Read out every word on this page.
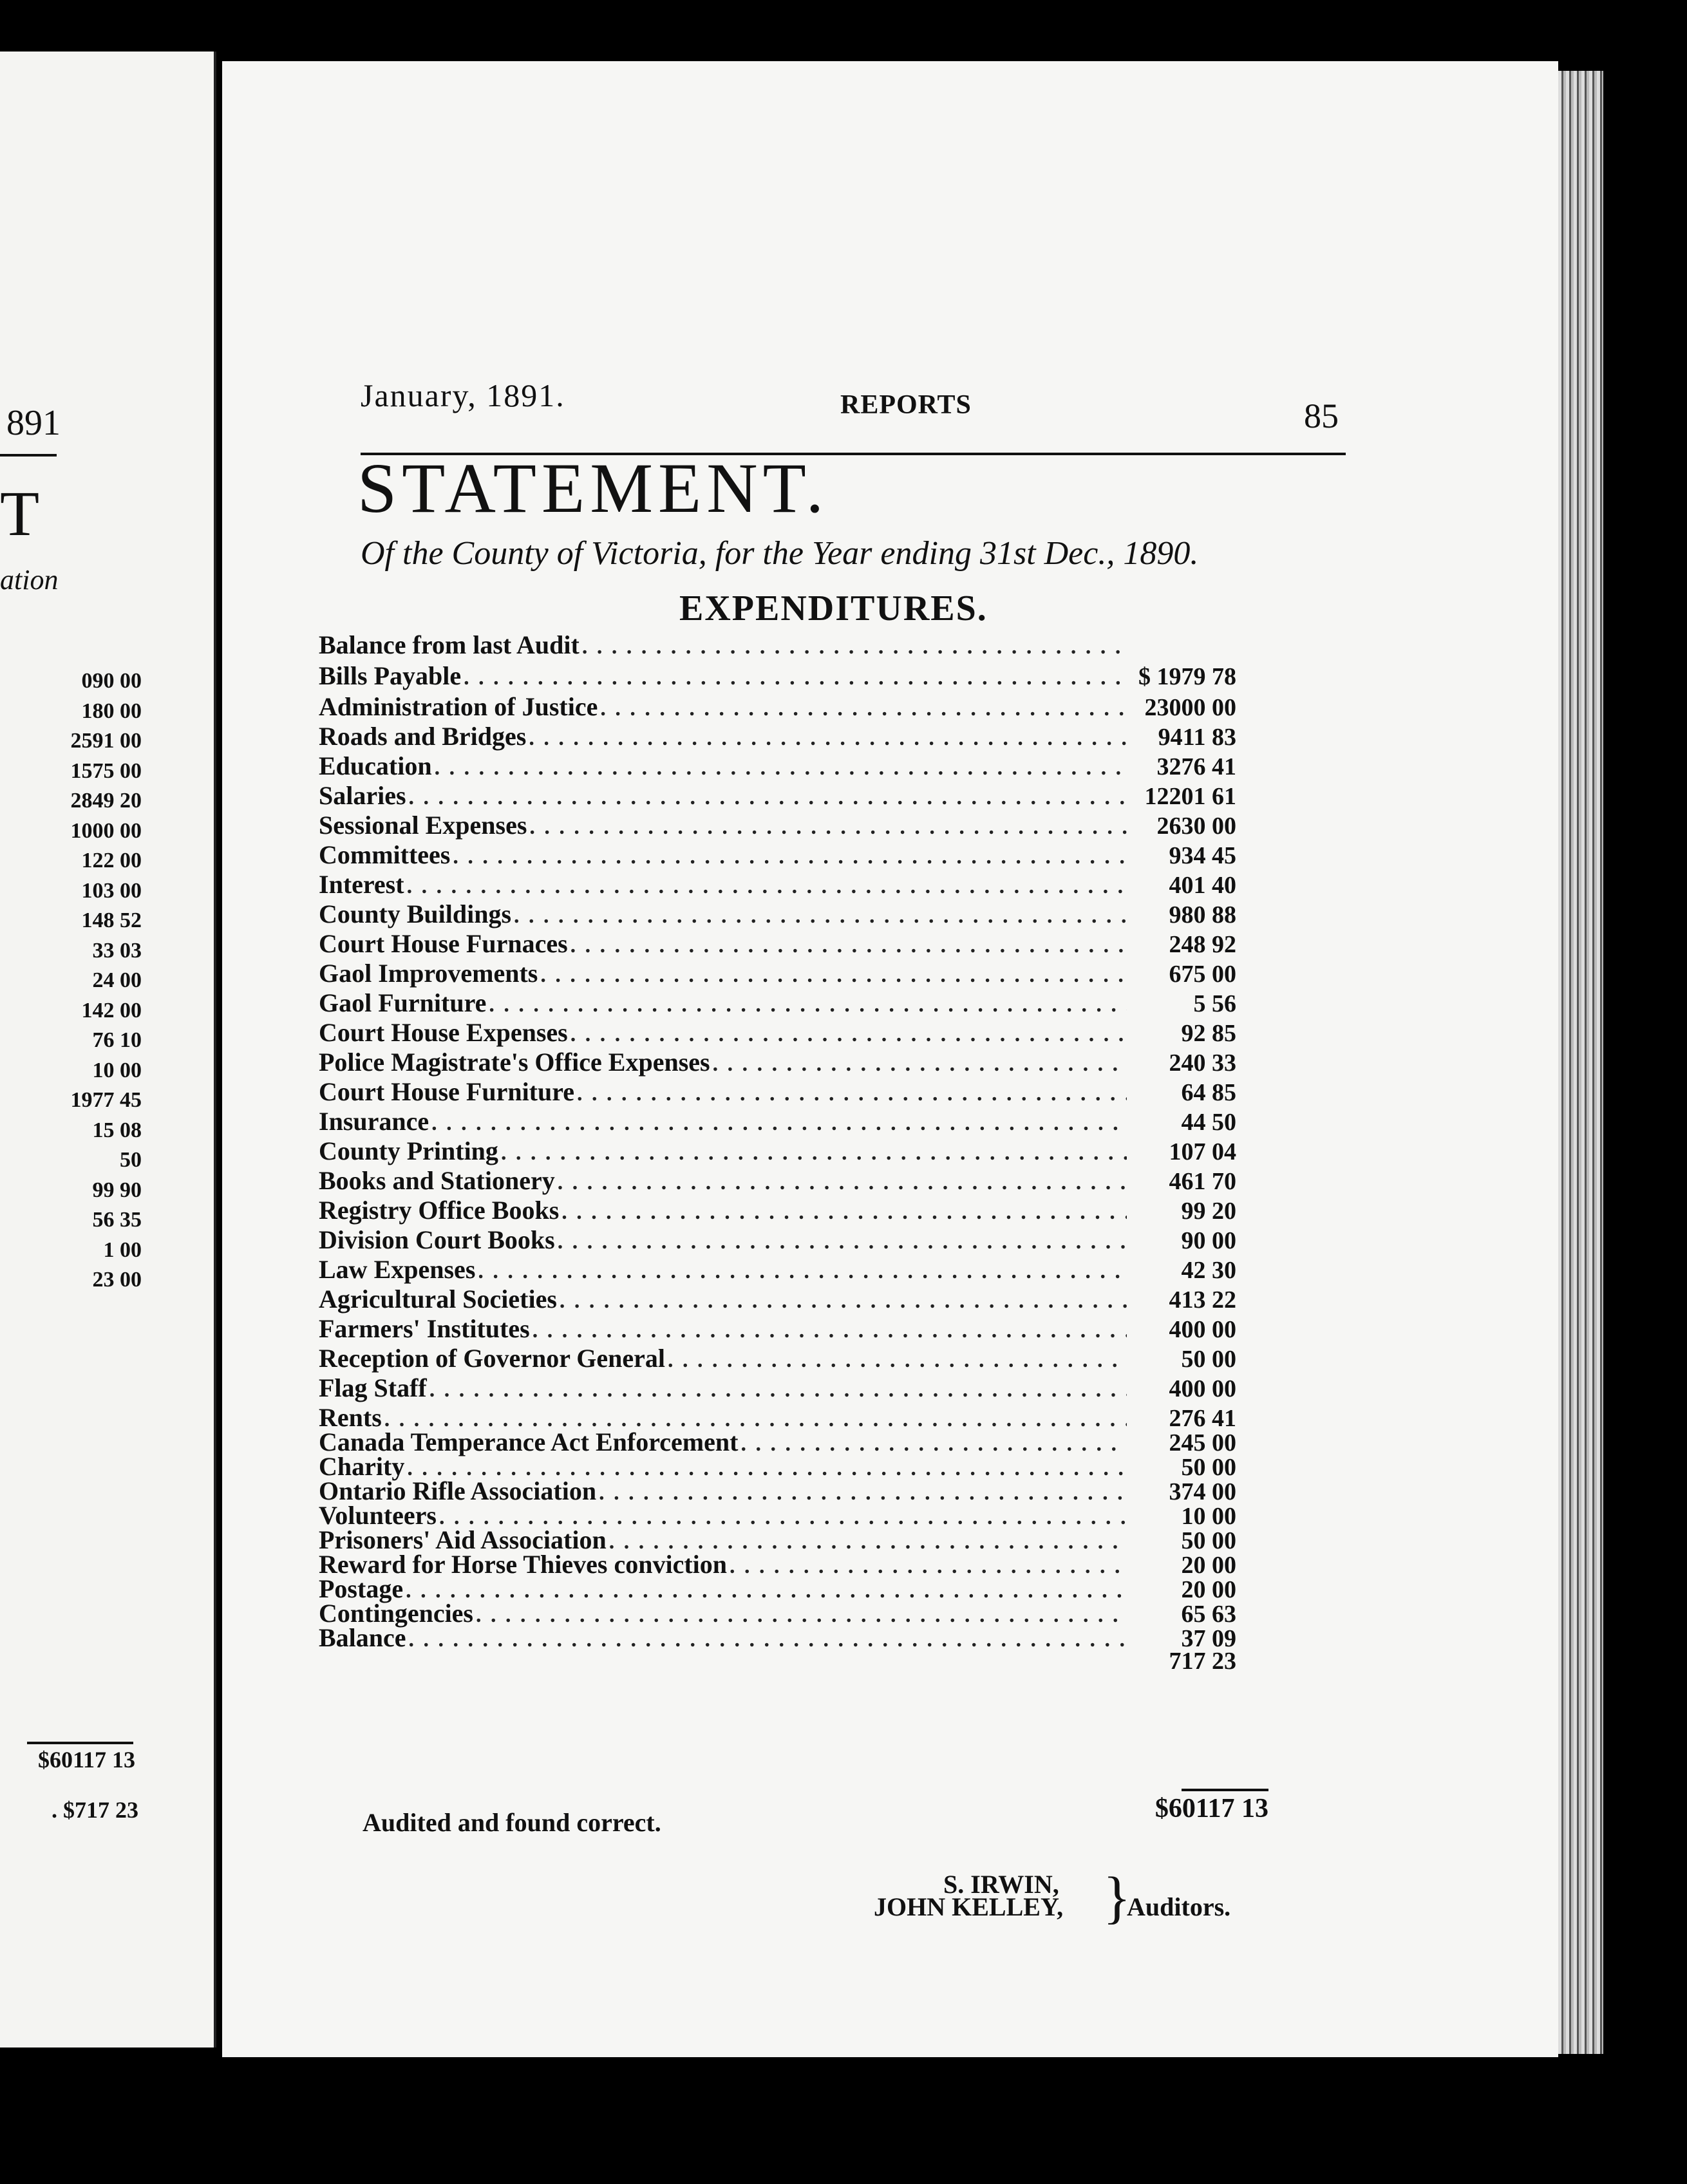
891
T
ation
090 00
180 00
2591 00
1575 00
2849 20
1000 00
122 00
103 00
148 52
33 03
24 00
142 00
76 10
10 00
1977 45
15 08
50
99 90
56 35
1 00
23 00
$60117 13
. $717 23
January, 1891.	REPORTS	85
STATEMENT.
Of the County of Victoria, for the Year ending 31st Dec., 1890.
EXPENDITURES.
Balance from last Audit
. . .
Bills Payable . . .	$ 1979 78
Administration of Justice . . .	23000 00
Roads and Bridges . . .	9411 83
Education . . .	3276 41
Salaries . . .	12201 61
Sessional Expenses . . .	2630 00
Committees . . .	934 45
Interest . . .	401 40
County Buildings . . .	980 88
Court House Furnaces . . .	248 92
Gaol Improvements . . .	675 00
Gaol Furniture . . .	5 56
Court House Expenses . . .	92 85
Police Magistrate's Office Expenses . . .	240 33
Court House Furniture . . .	64 85
Insurance . . .	44 50
County Printing . . .	107 04
Books and Stationery . . .	461 70
Registry Office Books . . .	99 20
Division Court Books . . .	90 00
Law Expenses . . .	42 30
Agricultural Societies . . .	413 22
Farmers' Institutes . . .	400 00
Reception of Governor General . . .	50 00
Flag Staff . . .	400 00
Rents . . .	276 41
Canada Temperance Act Enforcement . . .	245 00
Charity . . .	50 00
Ontario Rifle Association . . .	374 00
Volunteers . . .	10 00
Prisoners' Aid Association . . .	50 00
Reward for Horse Thieves conviction . . .	20 00
Postage . . .	20 00
Contingencies . . .	65 63
Balance . . .	37 09
717 23
$60117 13
Audited and found correct.
S. IRWIN,
JOHN KELLEY, }
Auditors.
